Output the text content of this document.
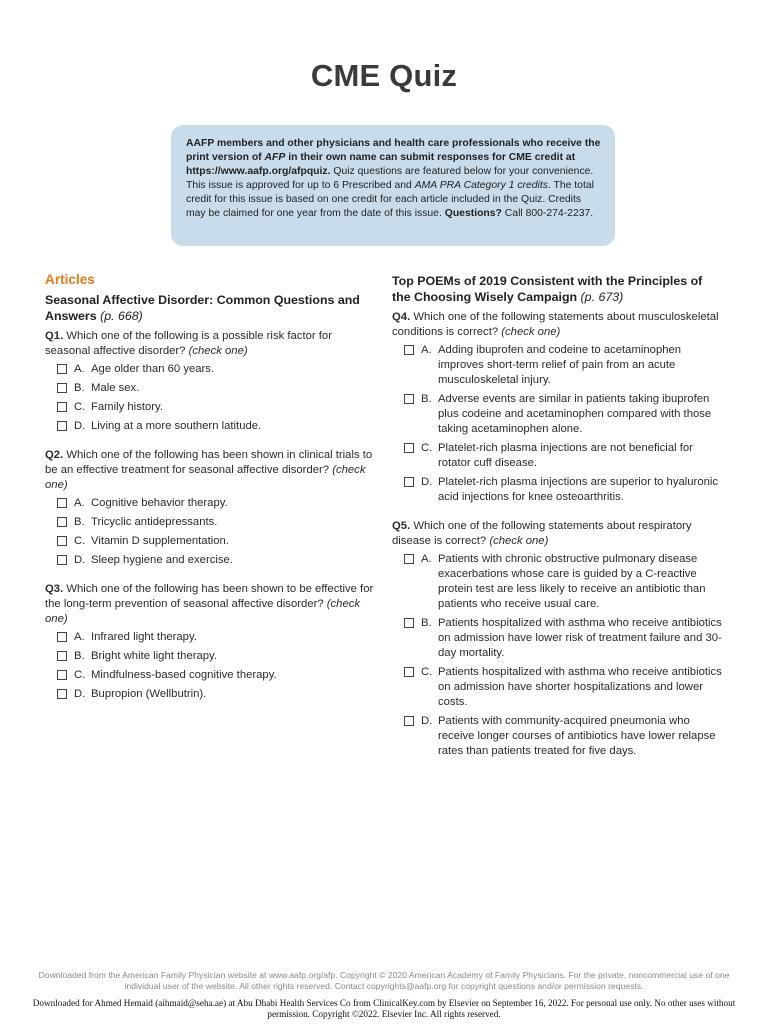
CME Quiz
AAFP members and other physicians and health care professionals who receive the print version of AFP in their own name can submit responses for CME credit at https://www.aafp.org/afpquiz. Quiz questions are featured below for your convenience. This issue is approved for up to 6 Prescribed and AMA PRA Category 1 credits. The total credit for this issue is based on one credit for each article included in the Quiz. Credits may be claimed for one year from the date of this issue. Questions? Call 800-274-2237.
Articles
Seasonal Affective Disorder: Common Questions and Answers (p. 668)
Q1. Which one of the following is a possible risk factor for seasonal affective disorder? (check one)
A. Age older than 60 years.
B. Male sex.
C. Family history.
D. Living at a more southern latitude.
Q2. Which one of the following has been shown in clinical trials to be an effective treatment for seasonal affective disorder? (check one)
A. Cognitive behavior therapy.
B. Tricyclic antidepressants.
C. Vitamin D supplementation.
D. Sleep hygiene and exercise.
Q3. Which one of the following has been shown to be effective for the long-term prevention of seasonal affective disorder? (check one)
A. Infrared light therapy.
B. Bright white light therapy.
C. Mindfulness-based cognitive therapy.
D. Bupropion (Wellbutrin).
Top POEMs of 2019 Consistent with the Principles of the Choosing Wisely Campaign (p. 673)
Q4. Which one of the following statements about musculoskeletal conditions is correct? (check one)
A. Adding ibuprofen and codeine to acetaminophen improves short-term relief of pain from an acute musculoskeletal injury.
B. Adverse events are similar in patients taking ibuprofen plus codeine and acetaminophen compared with those taking acetaminophen alone.
C. Platelet-rich plasma injections are not beneficial for rotator cuff disease.
D. Platelet-rich plasma injections are superior to hyaluronic acid injections for knee osteoarthritis.
Q5. Which one of the following statements about respiratory disease is correct? (check one)
A. Patients with chronic obstructive pulmonary disease exacerbations whose care is guided by a C-reactive protein test are less likely to receive an antibiotic than patients who receive usual care.
B. Patients hospitalized with asthma who receive antibiotics on admission have lower risk of treatment failure and 30-day mortality.
C. Patients hospitalized with asthma who receive antibiotics on admission have shorter hospitalizations and lower costs.
D. Patients with community-acquired pneumonia who receive longer courses of antibiotics have lower relapse rates than patients treated for five days.
Downloaded from the American Family Physician website at www.aafp.org/afp. Copyright © 2020 American Academy of Family Physicians. For the private, noncommercial use of one individual user of the website. All other rights reserved. Contact copyrights@aafp.org for copyright questions and/or permission requests.
Downloaded for Ahmed Hemaid (aihmaid@seha.ae) at Abu Dhabi Health Services Co from ClinicalKey.com by Elsevier on September 16, 2022. For personal use only. No other uses without permission. Copyright ©2022. Elsevier Inc. All rights reserved.
